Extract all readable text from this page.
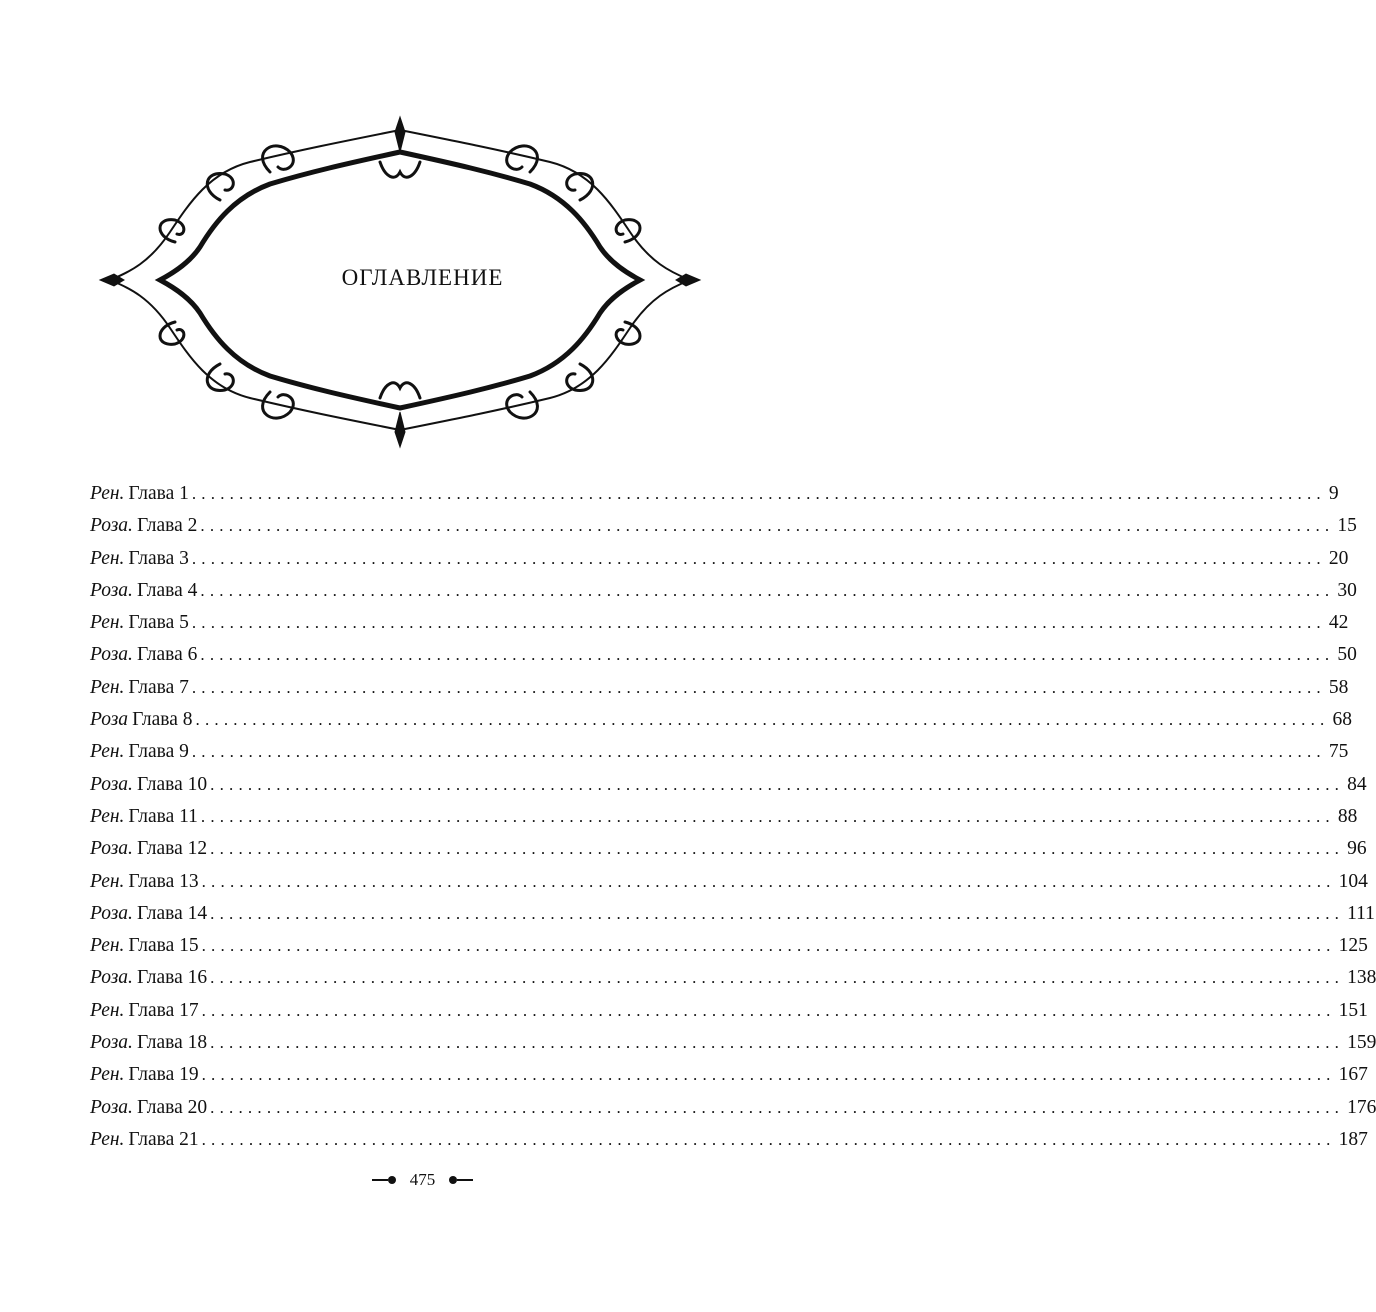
ОГЛАВЛЕНИЕ
Рен. Глава 1 ........................................................................................................................ 9
Роза. Глава 2 ........................................................................................................................ 15
Рен. Глава 3 ........................................................................................................................ 20
Роза. Глава 4 ........................................................................................................................ 30
Рен. Глава 5 ........................................................................................................................ 42
Роза. Глава 6 ........................................................................................................................ 50
Рен. Глава 7 ........................................................................................................................ 58
Роза Глава 8 ........................................................................................................................ 68
Рен. Глава 9 ........................................................................................................................ 75
Роза. Глава 10 ........................................................................................................................ 84
Рен. Глава 11 ........................................................................................................................ 88
Роза. Глава 12 ........................................................................................................................ 96
Рен. Глава 13 ........................................................................................................................ 104
Роза. Глава 14 ........................................................................................................................ 111
Рен. Глава 15 ........................................................................................................................ 125
Роза. Глава 16 ........................................................................................................................ 138
Рен. Глава 17 ........................................................................................................................ 151
Роза. Глава 18 ........................................................................................................................ 159
Рен. Глава 19 ........................................................................................................................ 167
Роза. Глава 20 ........................................................................................................................ 176
Рен. Глава 21 ........................................................................................................................ 187
475
